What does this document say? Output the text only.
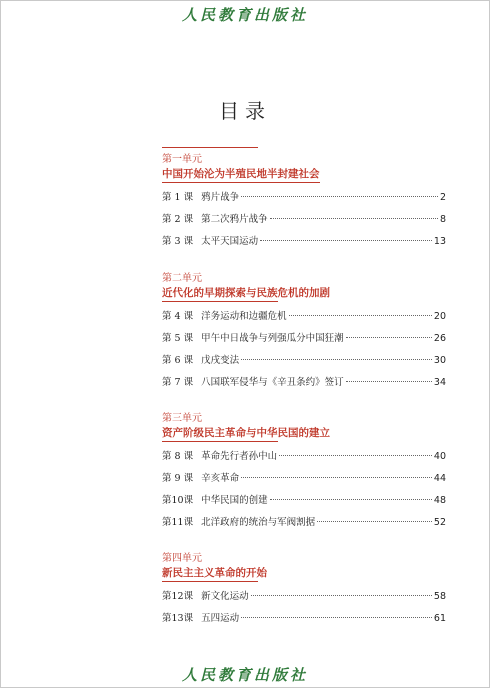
人民教育出版社
目录
第一单元
中国开始沦为半殖民地半封建社会
第 1 课 鸦片战争	2
第 2 课 第二次鸦片战争	8
第 3 课 太平天国运动	13
第二单元
近代化的早期探索与民族危机的加剧
第 4 课 洋务运动和边疆危机	20
第 5 课 甲午中日战争与列强瓜分中国狂潮	26
第 6 课 戊戌变法	30
第 7 课 八国联军侵华与《辛丑条约》签订	34
第三单元
资产阶级民主革命与中华民国的建立
第 8 课 革命先行者孙中山	40
第 9 课 辛亥革命	44
第10课 中华民国的创建	48
第11课 北洋政府的统治与军阀割据	52
第四单元
新民主主义革命的开始
第12课 新文化运动	58
第13课 五四运动	61
人民教育出版社
